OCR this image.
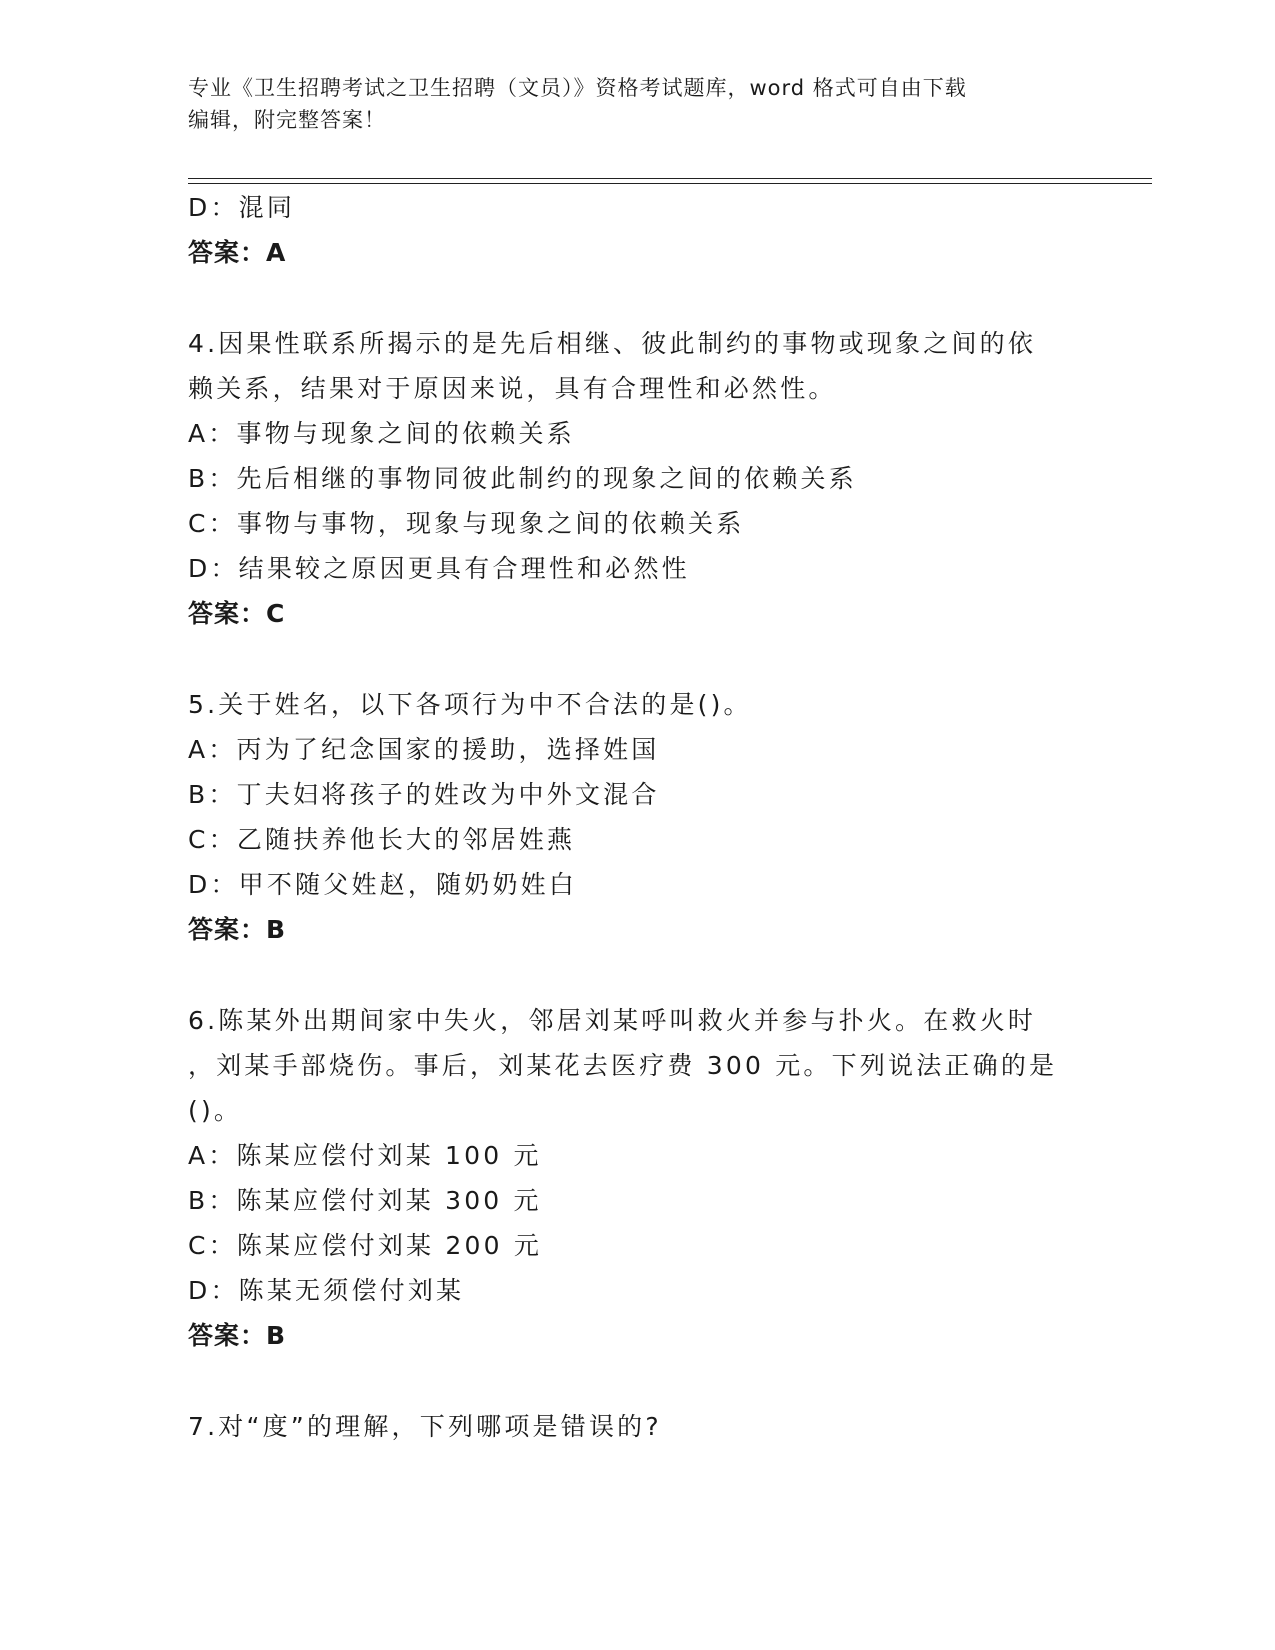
专业《卫生招聘考试之卫生招聘（文员）》资格考试题库，word 格式可自由下载
编辑，附完整答案！
D：混同
答案：A
4.因果性联系所揭示的是先后相继、彼此制约的事物或现象之间的依
赖关系，结果对于原因来说，具有合理性和必然性。
A：事物与现象之间的依赖关系
B：先后相继的事物同彼此制约的现象之间的依赖关系
C：事物与事物，现象与现象之间的依赖关系
D：结果较之原因更具有合理性和必然性
答案：C
5.关于姓名，以下各项行为中不合法的是()。
A：丙为了纪念国家的援助，选择姓国
B：丁夫妇将孩子的姓改为中外文混合
C：乙随扶养他长大的邻居姓燕
D：甲不随父姓赵，随奶奶姓白
答案：B
6.陈某外出期间家中失火，邻居刘某呼叫救火并参与扑火。在救火时
，刘某手部烧伤。事后，刘某花去医疗费 300 元。下列说法正确的是
()。
A：陈某应偿付刘某 100 元
B：陈某应偿付刘某 300 元
C：陈某应偿付刘某 200 元
D：陈某无须偿付刘某
答案：B
7.对“度”的理解，下列哪项是错误的?
